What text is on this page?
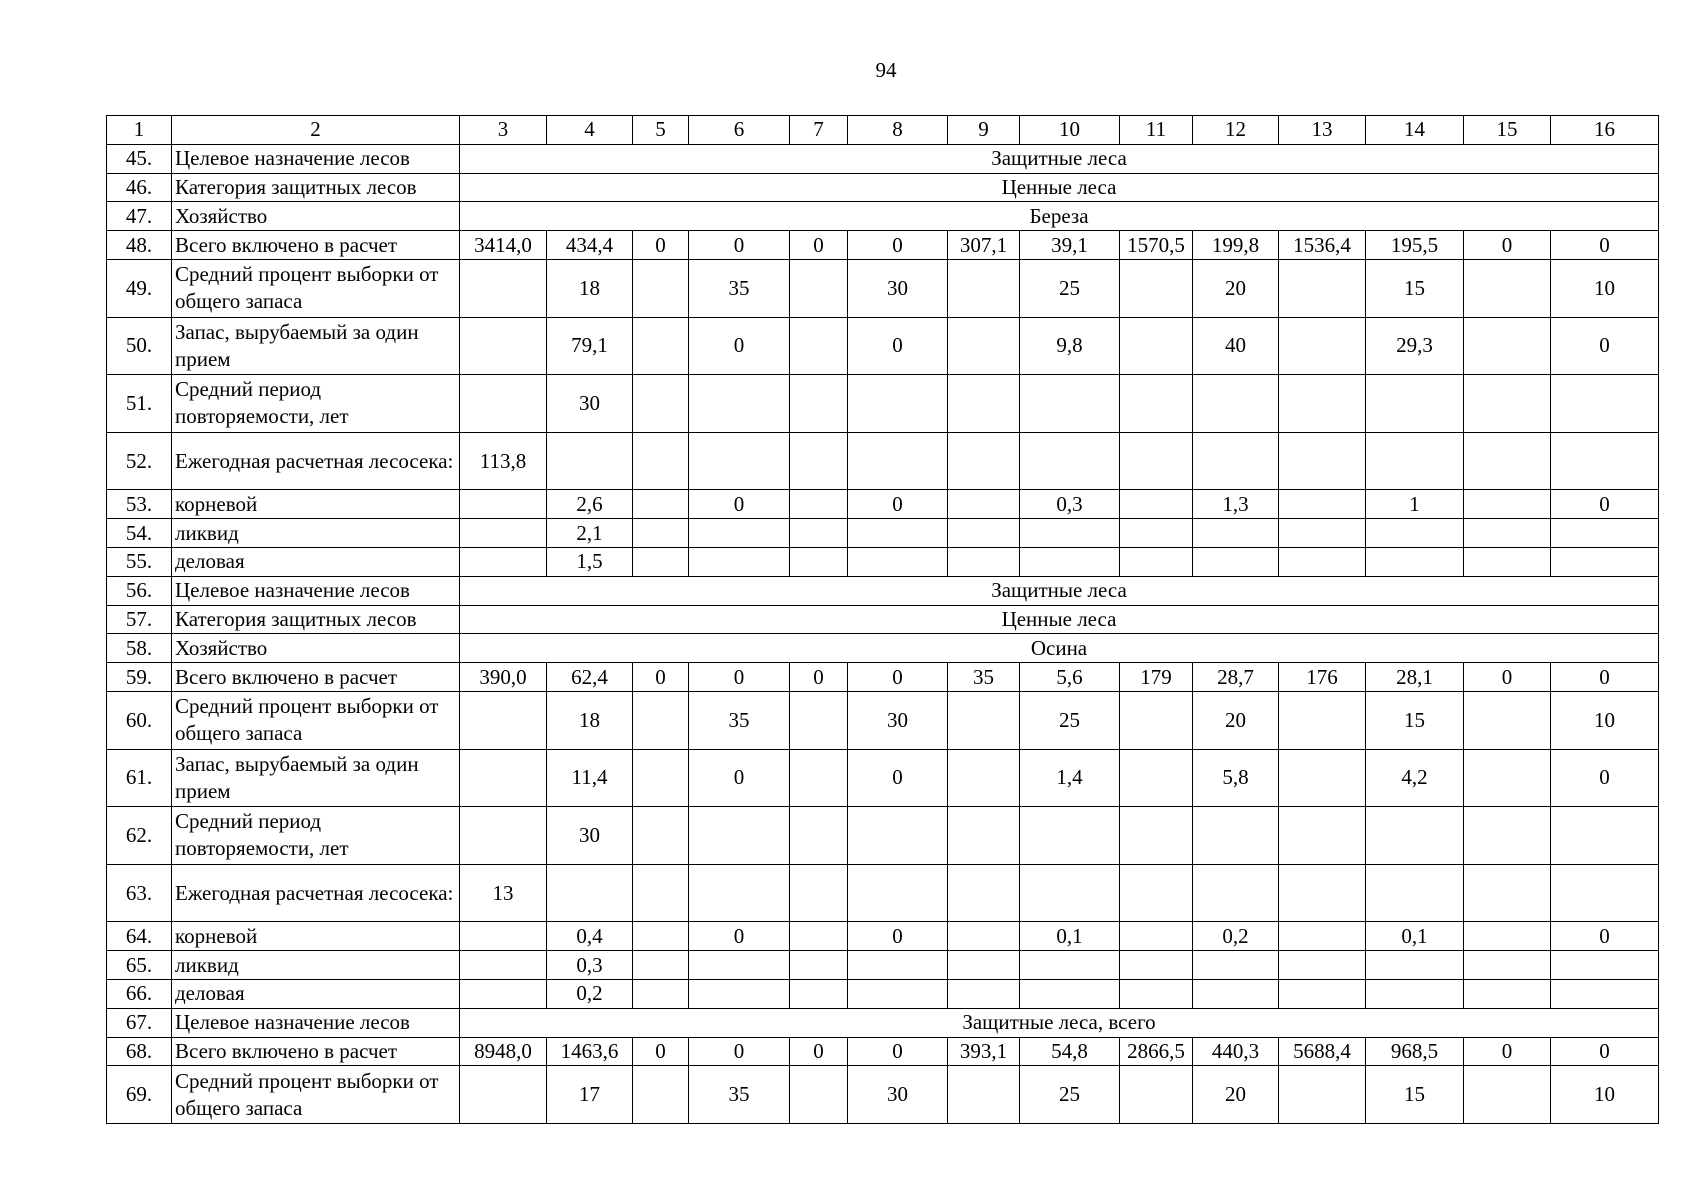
94
1	2	3	4	5	6	7	8	9	10	11	12	13	14	15	16
45.	Целевое назначение лесов	Защитные леса													
46.	Категория защитных лесов	Ценные леса													
47.	Хозяйство	Береза													
48.	Всего включено в расчет	3414,0	434,4	0	0	0	0	307,1	39,1	1570,5	199,8	1536,4	195,5	0	0
49.	Средний процент выборки от общего запаса		18		35		30		25		20		15		10
50.	Запас, вырубаемый за один прием		79,1		0		0		9,8		40		29,3		0
51.	Средний период повторяемости, лет		30												
52.	Ежегодная расчетная лесосека:	113,8													
53.	корневой		2,6		0		0		0,3		1,3		1		0
54.	ликвид		2,1												
55.	деловая		1,5												
56.	Целевое назначение лесов	Защитные леса													
57.	Категория защитных лесов	Ценные леса													
58.	Хозяйство	Осина													
59.	Всего включено в расчет	390,0	62,4	0	0	0	0	35	5,6	179	28,7	176	28,1	0	0
60.	Средний процент выборки от общего запаса		18		35		30		25		20		15		10
61.	Запас, вырубаемый за один прием		11,4		0		0		1,4		5,8		4,2		0
62.	Средний период повторяемости, лет		30												
63.	Ежегодная расчетная лесосека:	13													
64.	корневой		0,4		0		0		0,1		0,2		0,1		0
65.	ликвид		0,3												
66.	деловая		0,2												
67.	Целевое назначение лесов	Защитные леса, всего													
68.	Всего включено в расчет	8948,0	1463,6	0	0	0	0	393,1	54,8	2866,5	440,3	5688,4	968,5	0	0
69.	Средний процент выборки от общего запаса		17		35		30		25		20		15		10
